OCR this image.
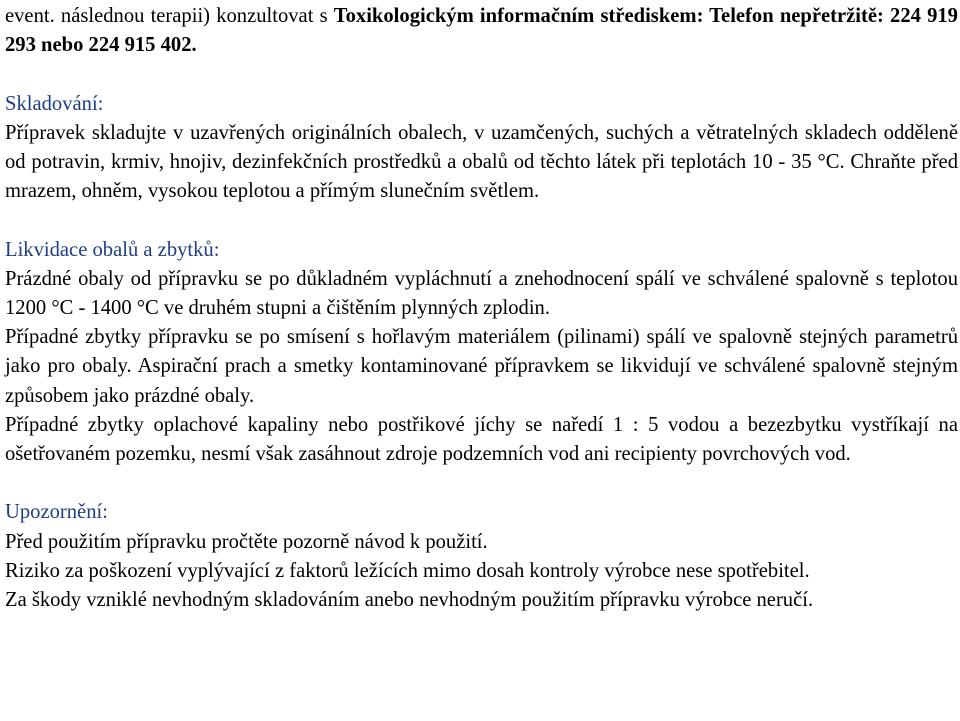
event. následnou terapii) konzultovat s Toxikologickým informačním střediskem: Telefon nepřetržitě: 224 919 293 nebo 224 915 402.
Skladování:
Přípravek skladujte v uzavřených originálních obalech, v uzamčených, suchých a větratelných skladech odděleně od potravin, krmiv, hnojiv, dezinfekčních prostředků a obalů od těchto látek při teplotách 10 - 35 °C. Chraňte před mrazem, ohněm, vysokou teplotou a přímým slunečním světlem.
Likvidace obalů a zbytků:
Prázdné obaly od přípravku se po důkladném vypláchnutí a znehodnocení spálí ve schválené spalovně s teplotou 1200 °C - 1400 °C ve druhém stupni a čištěním plynných zplodin.
Případné zbytky přípravku se po smísení s hořlavým materiálem (pilinami) spálí ve spalovně stejných parametrů jako pro obaly. Aspirační prach a smetky kontaminované přípravkem se likvidují ve schválené spalovně stejným způsobem jako prázdné obaly.
Případné zbytky oplachové kapaliny nebo postřikové jíchy se naředí 1 : 5 vodou a bezezbytku vystříkají na ošetřovaném pozemku, nesmí však zasáhnout zdroje podzemních vod ani recipienty povrchových vod.
Upozornění:
Před použitím přípravku pročtěte pozorně návod k použití.
Riziko za poškození vyplývající z faktorů ležících mimo dosah kontroly výrobce nese spotřebitel.
Za škody vzniklé nevhodným skladováním anebo nevhodným použitím přípravku výrobce neručí.
